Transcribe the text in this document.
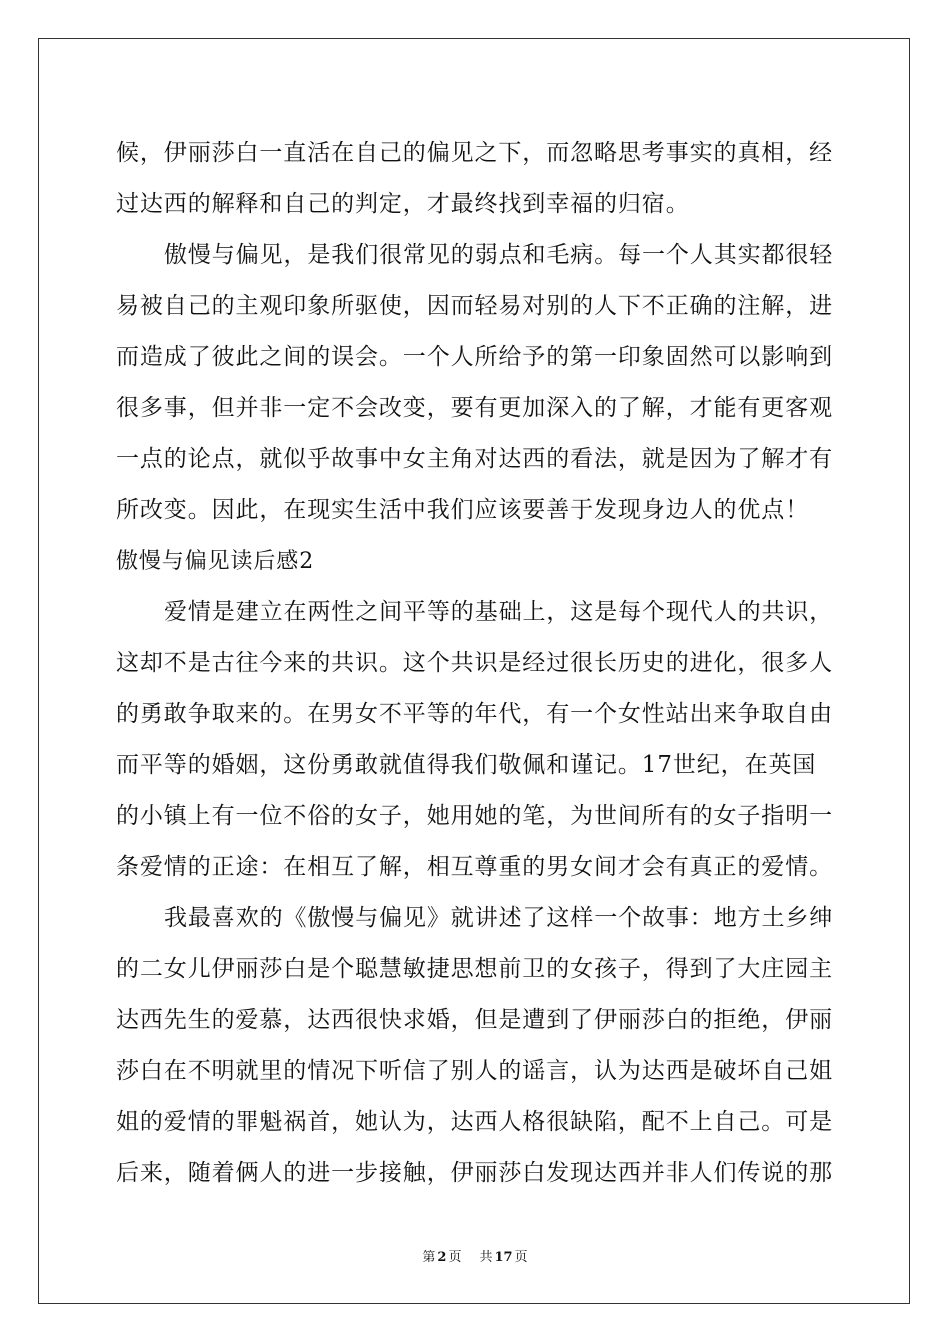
候，伊丽莎白一直活在自己的偏见之下，而忽略思考事实的真相，经
过达西的解释和自己的判定，才最终找到幸福的归宿。
傲慢与偏见，是我们很常见的弱点和毛病。每一个人其实都很轻
易被自己的主观印象所驱使，因而轻易对别的人下不正确的注解，进
而造成了彼此之间的误会。一个人所给予的第一印象固然可以影响到
很多事，但并非一定不会改变，要有更加深入的了解，才能有更客观
一点的论点，就似乎故事中女主角对达西的看法，就是因为了解才有
所改变。因此，在现实生活中我们应该要善于发现身边人的优点！
傲慢与偏见读后感2
爱情是建立在两性之间平等的基础上，这是每个现代人的共识，
这却不是古往今来的共识。这个共识是经过很长历史的进化，很多人
的勇敢争取来的。在男女不平等的年代，有一个女性站出来争取自由
而平等的婚姻，这份勇敢就值得我们敬佩和谨记。17世纪，在英国
的小镇上有一位不俗的女子，她用她的笔，为世间所有的女子指明一
条爱情的正途：在相互了解，相互尊重的男女间才会有真正的爱情。
我最喜欢的《傲慢与偏见》就讲述了这样一个故事：地方土乡绅
的二女儿伊丽莎白是个聪慧敏捷思想前卫的女孩子，得到了大庄园主
达西先生的爱慕，达西很快求婚，但是遭到了伊丽莎白的拒绝，伊丽
莎白在不明就里的情况下听信了别人的谣言，认为达西是破坏自己姐
姐的爱情的罪魁祸首，她认为，达西人格很缺陷，配不上自己。可是
后来，随着俩人的进一步接触，伊丽莎白发现达西并非人们传说的那
第 2 页 共 17 页
